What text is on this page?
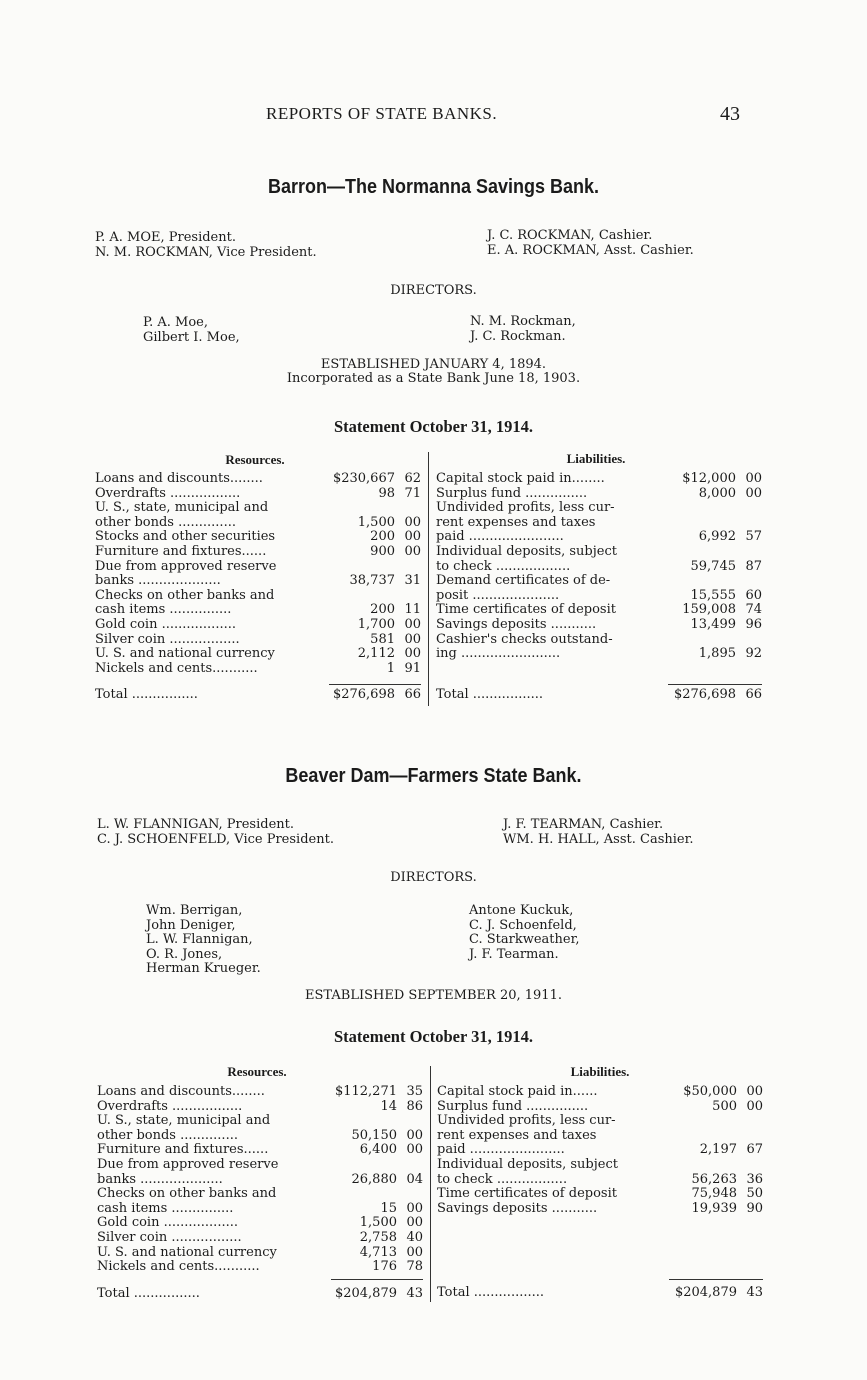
REPORTS OF STATE BANKS.	43
Barron—The Normanna Savings Bank.
P. A. MOE, President.
N. M. ROCKMAN, Vice President.
J. C. ROCKMAN, Cashier.
E. A. ROCKMAN, Asst. Cashier.
DIRECTORS.
P. A. Moe,
Gilbert I. Moe,
N. M. Rockman,
J. C. Rockman.
ESTABLISHED JANUARY 4, 1894.
Incorporated as a State Bank June 18, 1903.
Statement October 31, 1914.
Resources.	Liabilities.
Loans and discounts........	$230,667 62
Overdrafts .................	98 71
U. S., state, municipal and
other bonds ..............	1,500 00
Stocks and other securities	200 00
Furniture and fixtures......	900 00
Due from approved reserve
banks ....................	38,737 31
Checks on other banks and
cash items ...............	200 11
Gold coin ..................	1,700 00
Silver coin .................	581 00
U. S. and national currency	2,112 00
Nickels and cents...........	1 91
Total ................	$276,698 66
Capital stock paid in........	$12,000 00
Surplus fund ...............	8,000 00
Undivided profits, less cur-
rent expenses and taxes
paid .......................	6,992 57
Individual deposits, subject
to check ..................	59,745 87
Demand certificates of de-
posit .....................	15,555 60
Time certificates of deposit	159,008 74
Savings deposits ...........	13,499 96
Cashier's checks outstand-
ing ........................	1,895 92
Total .................	$276,698 66
Beaver Dam—Farmers State Bank.
L. W. FLANNIGAN, President.
C. J. SCHOENFELD, Vice President.
J. F. TEARMAN, Cashier.
WM. H. HALL, Asst. Cashier.
DIRECTORS.
Wm. Berrigan,
John Deniger,
L. W. Flannigan,
O. R. Jones,
Herman Krueger.
Antone Kuckuk,
C. J. Schoenfeld,
C. Starkweather,
J. F. Tearman.
ESTABLISHED SEPTEMBER 20, 1911.
Statement October 31, 1914.
Resources.	Liabilities.
Loans and discounts........	$112,271 35
Overdrafts .................	14 86
U. S., state, municipal and
other bonds ..............	50,150 00
Furniture and fixtures......	6,400 00
Due from approved reserve
banks ....................	26,880 04
Checks on other banks and
cash items ...............	15 00
Gold coin ..................	1,500 00
Silver coin .................	2,758 40
U. S. and national currency	4,713 00
Nickels and cents...........	176 78
Total ................	$204,879 43
Capital stock paid in......	$50,000 00
Surplus fund ...............	500 00
Undivided profits, less cur-
rent expenses and taxes
paid .......................	2,197 67
Individual deposits, subject
to check .................	56,263 36
Time certificates of deposit	75,948 50
Savings deposits ...........	19,939 90
Total .................	$204,879 43
